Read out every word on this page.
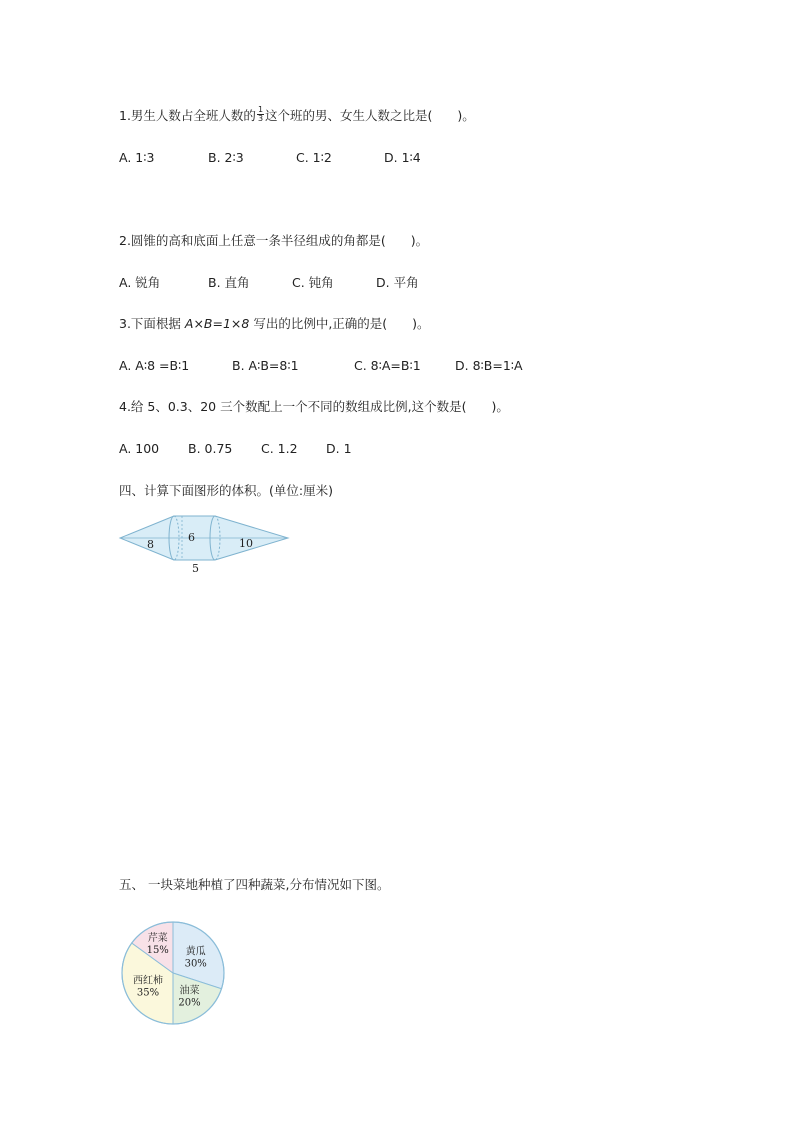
1.男生人数占全班人数的 $\frac{1}{3}$ 这个班的男、女生人数之比是(　　)。
A. 1∶3	B. 2∶3	C. 1∶2	D. 1∶4
2.圆锥的高和底面上任意一条半径组成的角都是(　　)。
A. 锐角	B. 直角	C. 钝角	D. 平角
3.下面根据 A×B=1×8 写出的比例中,正确的是(　　)。
A. A∶8 =B∶1	B. A∶B=8∶1	C. 8∶A=B∶1	D. 8∶B=1∶A
4.给 5、0.3、20 三个数配上一个不同的数组成比例,这个数是(　　)。
A. 100 B. 0.75 C. 1.2 D. 1
四、计算下面图形的体积。(单位:厘米)
8
6	10
5
五、 一块菜地种植了四种蔬菜,分布情况如下图。
黄瓜
30%
油菜
20%
西红柿
35%
芹菜
15%
